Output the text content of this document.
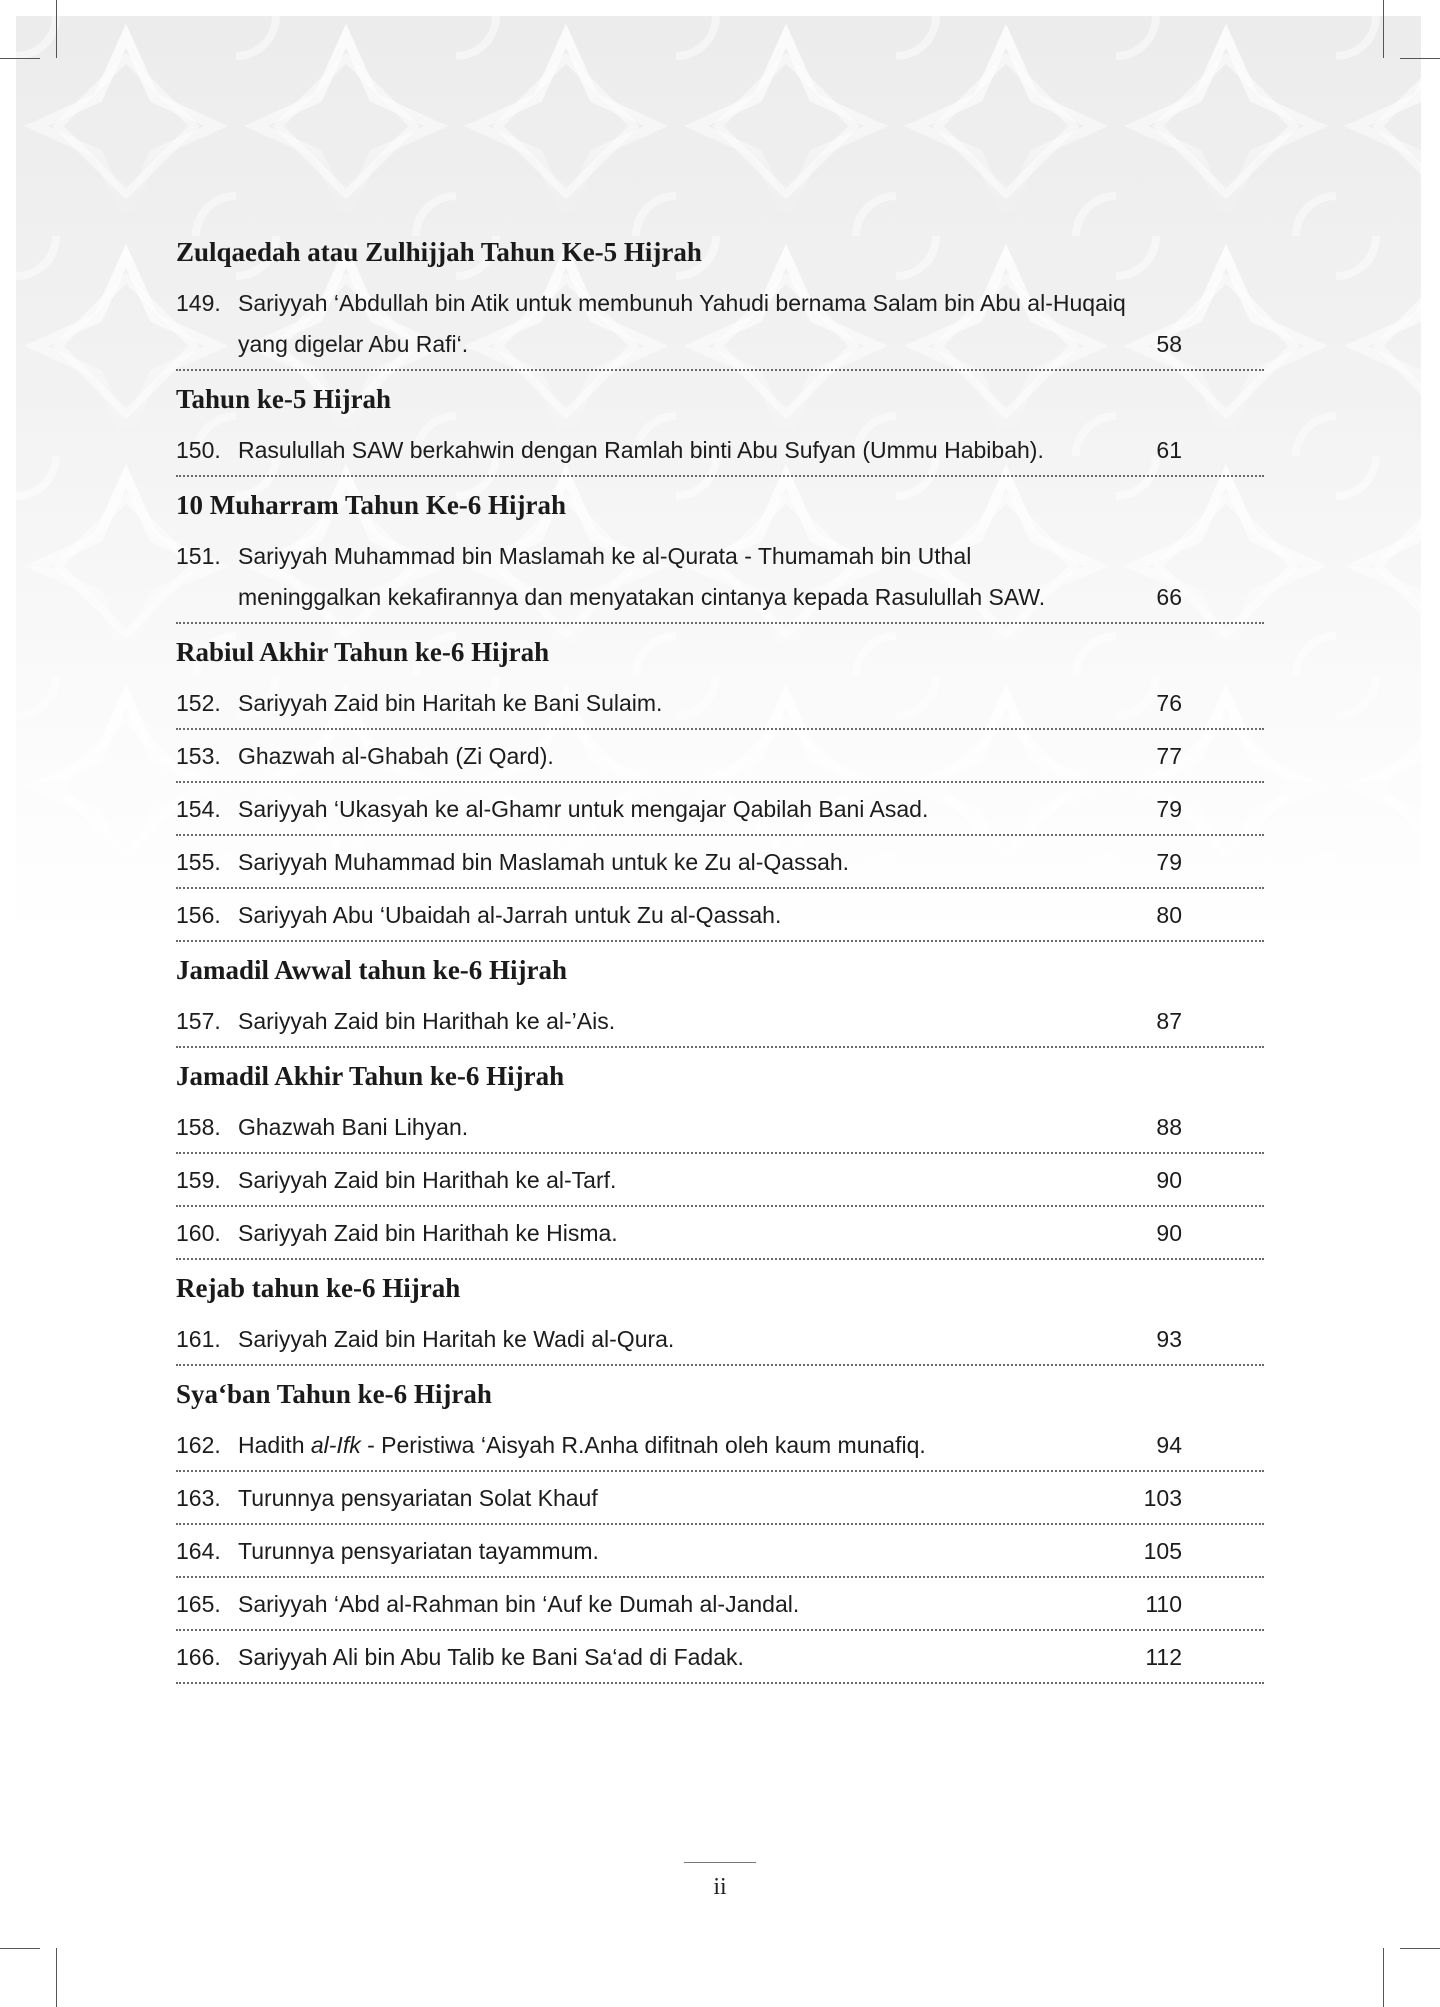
Zulqaedah atau Zulhijjah Tahun Ke-5 Hijrah
149. Sariyyah ‘Abdullah bin Atik untuk membunuh Yahudi bernama Salam bin Abu al-Huqaiq yang digelar Abu Rafi‘.	58
Tahun ke-5 Hijrah
150. Rasulullah SAW berkahwin dengan Ramlah binti Abu Sufyan (Ummu Habibah).	61
10 Muharram Tahun Ke-6 Hijrah
151. Sariyyah Muhammad bin Maslamah ke al-Qurata - Thumamah bin Uthal meninggalkan kekafirannya dan menyatakan cintanya kepada Rasulullah SAW.	66
Rabiul Akhir Tahun ke-6 Hijrah
152. Sariyyah Zaid bin Haritah ke Bani Sulaim.	76
153. Ghazwah al-Ghabah (Zi Qard).	77
154. Sariyyah ‘Ukasyah ke al-Ghamr untuk mengajar Qabilah Bani Asad.	79
155. Sariyyah Muhammad bin Maslamah untuk ke Zu al-Qassah.	79
156. Sariyyah Abu ‘Ubaidah al-Jarrah untuk Zu al-Qassah.	80
Jamadil Awwal tahun ke-6 Hijrah
157. Sariyyah Zaid bin Harithah ke al-’Ais.	87
Jamadil Akhir Tahun ke-6 Hijrah
158. Ghazwah Bani Lihyan.	88
159. Sariyyah Zaid bin Harithah ke al-Tarf.	90
160. Sariyyah Zaid bin Harithah ke Hisma.	90
Rejab tahun ke-6 Hijrah
161. Sariyyah Zaid bin Haritah ke Wadi al-Qura.	93
Sya‘ban Tahun ke-6 Hijrah
162. Hadith al-Ifk - Peristiwa ‘Aisyah R.Anha difitnah oleh kaum munafiq.	94
163. Turunnya pensyariatan Solat Khauf	103
164. Turunnya pensyariatan tayammum.	105
165. Sariyyah ‘Abd al-Rahman bin ‘Auf ke Dumah al-Jandal.	110
166. Sariyyah Ali bin Abu Talib ke Bani Sa‘ad di Fadak.	112
ii
